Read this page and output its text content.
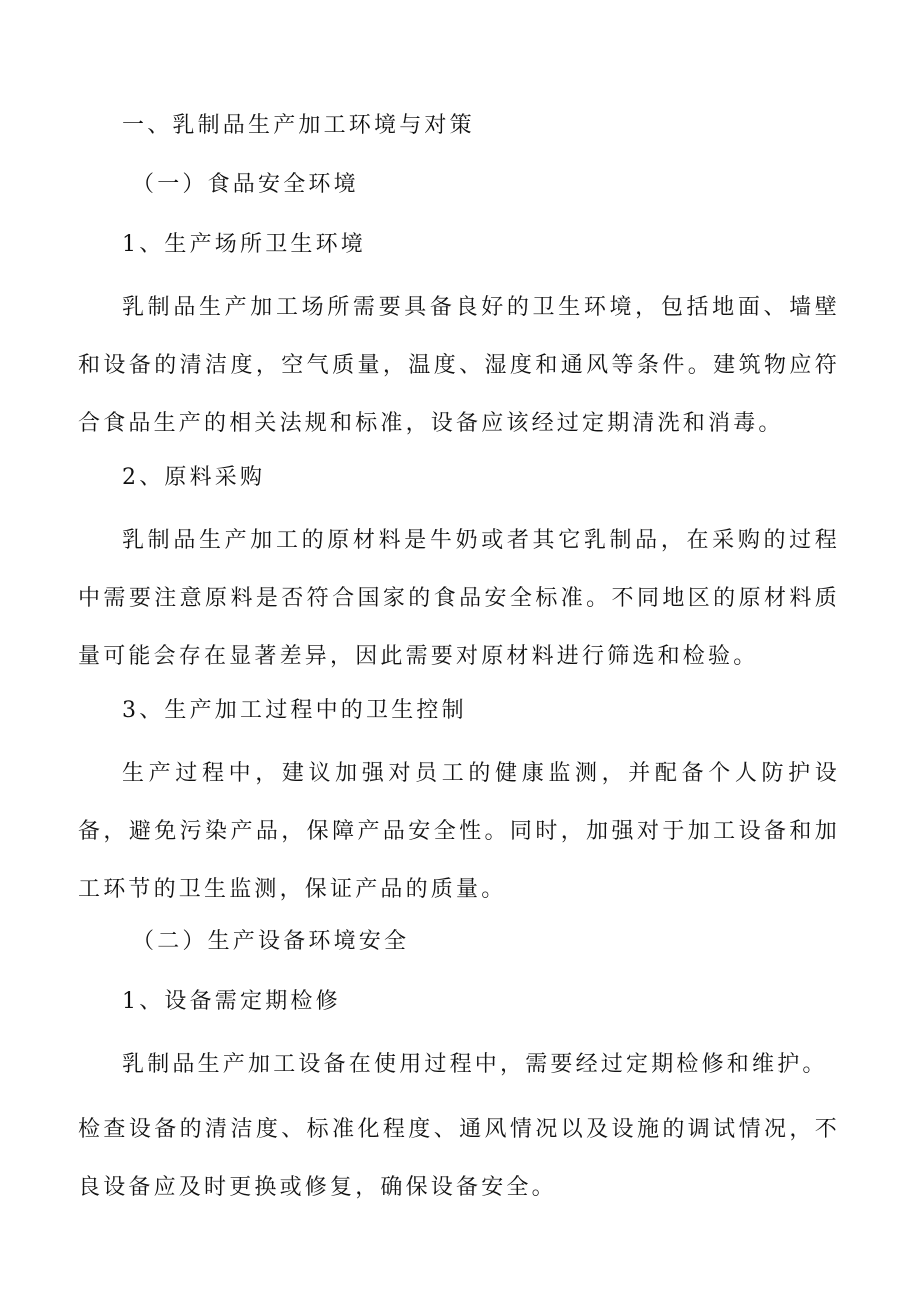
一、乳制品生产加工环境与对策
（一）食品安全环境
1、生产场所卫生环境
乳制品生产加工场所需要具备良好的卫生环境，包括地面、墙壁和设备的清洁度，空气质量，温度、湿度和通风等条件。建筑物应符合食品生产的相关法规和标准，设备应该经过定期清洗和消毒。
2、原料采购
乳制品生产加工的原材料是牛奶或者其它乳制品，在采购的过程中需要注意原料是否符合国家的食品安全标准。不同地区的原材料质量可能会存在显著差异，因此需要对原材料进行筛选和检验。
3、生产加工过程中的卫生控制
生产过程中，建议加强对员工的健康监测，并配备个人防护设备，避免污染产品，保障产品安全性。同时，加强对于加工设备和加工环节的卫生监测，保证产品的质量。
（二）生产设备环境安全
1、设备需定期检修
乳制品生产加工设备在使用过程中，需要经过定期检修和维护。
检查设备的清洁度、标准化程度、通风情况以及设施的调试情况，不良设备应及时更换或修复，确保设备安全。
